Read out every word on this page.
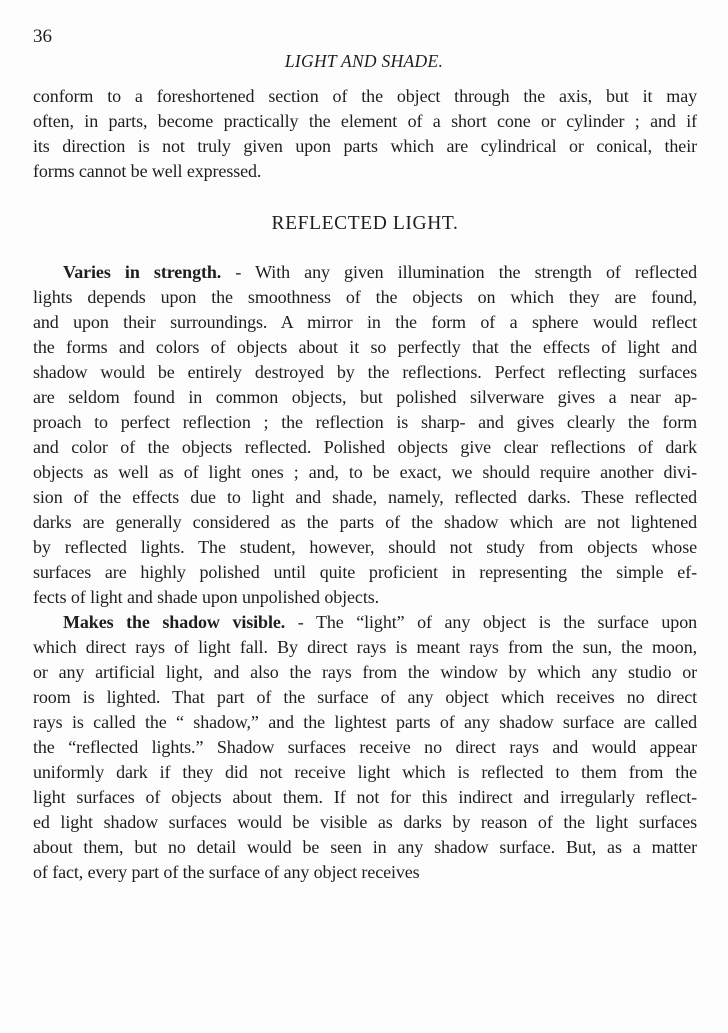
36
LIGHT AND SHADE.
conform to a foreshortened section of the object through the axis, but it may
often, in parts, become practically the element of a short cone or cylinder ; and if
its direction is not truly given upon parts which are cylindrical or conical, their
forms cannot be well expressed.
REFLECTED LIGHT.
Varies in strength. - With any given illumination the strength of reflected
lights depends upon the smoothness of the objects on which they are found,
and upon their surroundings. A mirror in the form of a sphere would reflect
the forms and colors of objects about it so perfectly that the effects of light and
shadow would be entirely destroyed by the reflections. Perfect reflecting surfaces
are seldom found in common objects, but polished silverware gives a near ap-
proach to perfect reflection ; the reflection is sharp- and gives clearly the form
and color of the objects reflected. Polished objects give clear reflections of dark
objects as well as of light ones ; and, to be exact, we should require another divi-
sion of the effects due to light and shade, namely, reflected darks. These reflected
darks are generally considered as the parts of the shadow which are not lightened
by reflected lights. The student, however, should not study from objects whose
surfaces are highly polished until quite proficient in representing the simple ef-
fects of light and shade upon unpolished objects.
Makes the shadow visible. - The “light” of any object is the surface upon
which direct rays of light fall. By direct rays is meant rays from the sun, the moon,
or any artificial light, and also the rays from the window by which any studio or
room is lighted. That part of the surface of any object which receives no direct
rays is called the “ shadow,” and the lightest parts of any shadow surface are called
the “reflected lights.” Shadow surfaces receive no direct rays and would appear
uniformly dark if they did not receive light which is reflected to them from the
light surfaces of objects about them. If not for this indirect and irregularly reflect-
ed light shadow surfaces would be visible as darks by reason of the light surfaces
about them, but no detail would be seen in any shadow surface. But, as a matter
of fact, every part of the surface of any object receives
